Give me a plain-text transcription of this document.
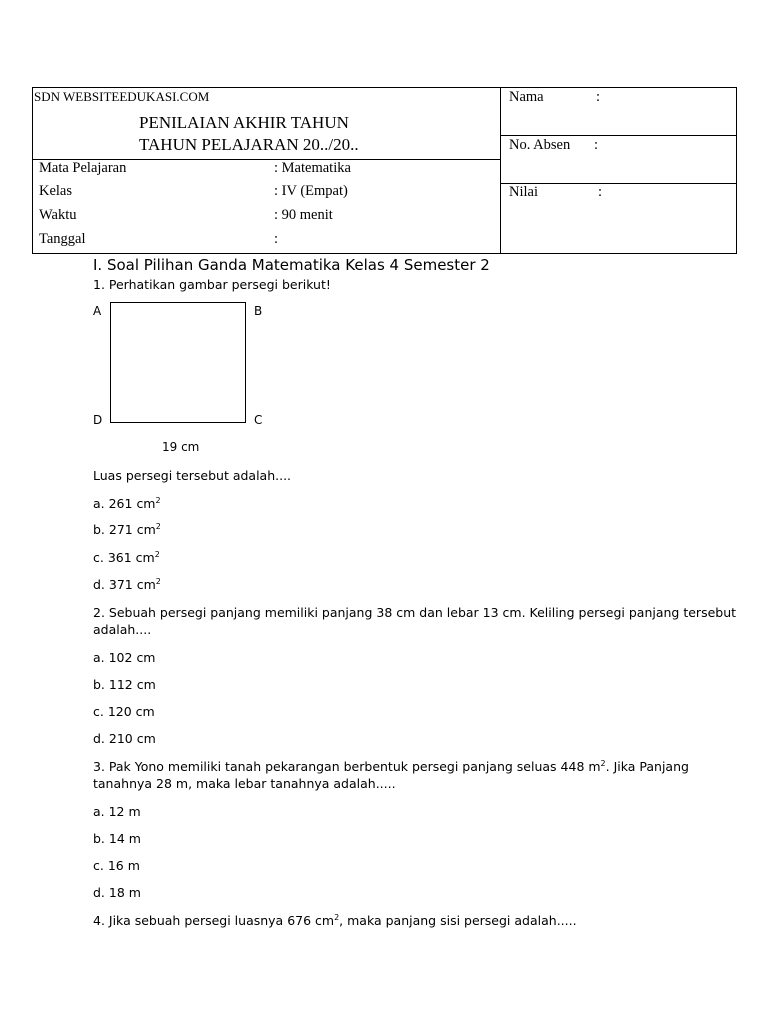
SDN WEBSITEEDUKASI.COM
PENILAIAN AKHIR TAHUN
TAHUN PELAJARAN 20../20..
Mata Pelajaran	: Matematika
Kelas	: IV (Empat)
Waktu	: 90 menit
Tanggal	:
Nama	:
No. Absen :
Nilai	:
I. Soal Pilihan Ganda Matematika Kelas 4 Semester 2
1. Perhatikan gambar persegi berikut!
A	B
C
D
19 cm
Luas persegi tersebut adalah....
a. 261 $cm^2$
b. 271 $cm^2$
c. 361 $cm^2$
d. 371 $cm^2$
2. Sebuah persegi panjang memiliki panjang 38 cm dan lebar 13 cm. Keliling persegi panjang tersebut
adalah....
a. 102 cm
b. 112 cm
c. 120 cm
d. 210 cm
3. Pak Yono memiliki tanah pekarangan berbentuk persegi panjang seluas 448 $m^2$. Jika Panjang
tanahnya 28 m, maka lebar tanahnya adalah.....
a. 12 m
b. 14 m
c. 16 m
d. 18 m
4. Jika sebuah persegi luasnya 676 $cm^2$, maka panjang sisi persegi adalah.....
